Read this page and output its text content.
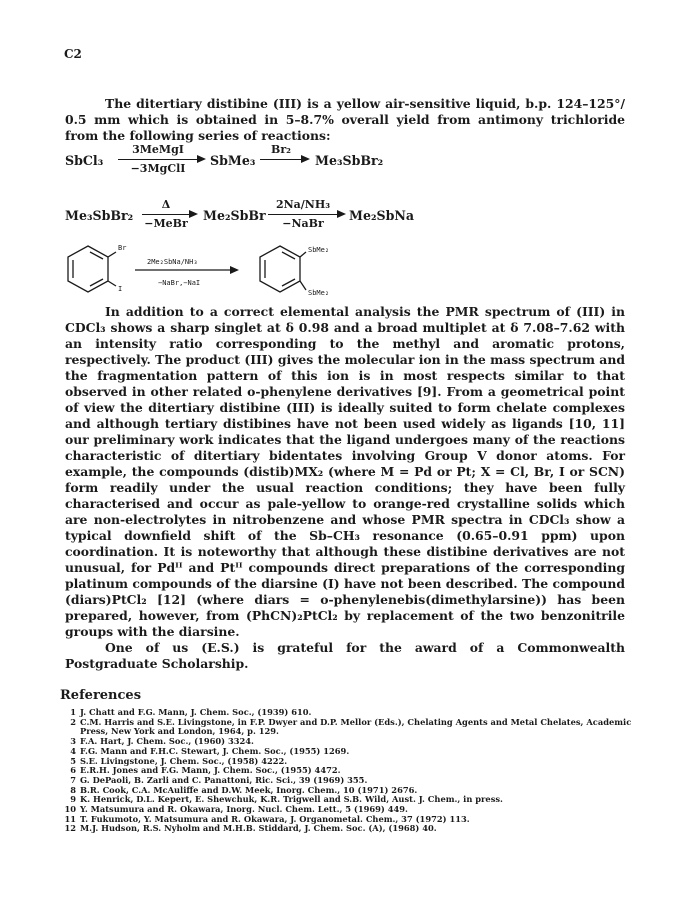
C2

The ditertiary distibine (III) is a yellow air-sensitive liquid, b.p. 124–125°/ 0.5 mm which is obtained in 5–8.7% overall yield from antimony trichloride from the following series of reactions:

SbCl₃
3MeMgI
−3MgClI
SbMe₃
Br₂
Me₃SbBr₂
Me₃SbBr₂
Δ
−MeBr
Me₂SbBr
2Na/NH₃
−NaBr
Me₂SbNa
Br
I
2Me₂SbNa/NH₃
−NaBr,−NaI
SbMe₂
SbMe₂

In addition to a correct elemental analysis the PMR spectrum of (III) in CDCl₃ shows a sharp singlet at δ 0.98 and a broad multiplet at δ 7.08–7.62 with an intensity ratio corresponding to the methyl and aromatic protons, respectively. The product (III) gives the molecular ion in the mass spectrum and the fragmentation pattern of this ion is in most respects similar to that observed in other related o-phenylene derivatives [9]. From a geometrical point of view the ditertiary distibine (III) is ideally suited to form chelate complexes and although tertiary distibines have not been used widely as ligands [10, 11] our preliminary work indicates that the ligand undergoes many of the reactions characteristic of ditertiary bidentates involving Group V donor atoms. For example, the compounds (distib)MX₂ (where M = Pd or Pt; X = Cl, Br, I or SCN) form readily under the usual reaction conditions; they have been fully characterised and occur as pale-yellow to orange-red crystalline solids which are non-electrolytes in nitrobenzene and whose PMR spectra in CDCl₃ show a typical downfield shift of the Sb–CH₃ resonance (0.65–0.91 ppm) upon coordination. It is noteworthy that although these distibine derivatives are not unusual, for Pdᴵᴵ and Ptᴵᴵ compounds direct preparations of the corresponding platinum compounds of the diarsine (I) have not been described. The compound (diars)PtCl₂ [12] (where diars = o-phenylenebis(dimethylarsine)) has been prepared, however, from (PhCN)₂PtCl₂ by replacement of the two benzonitrile groups with the diarsine.

One of us (E.S.) is grateful for the award of a Commonwealth Postgraduate Scholarship.

References
1 J. Chatt and F.G. Mann, J. Chem. Soc., (1939) 610.
2 C.M. Harris and S.E. Livingstone, in F.P. Dwyer and D.P. Mellor (Eds.), Chelating Agents and Metal Chelates, Academic Press, New York and London, 1964, p. 129.
3 F.A. Hart, J. Chem. Soc., (1960) 3324.
4 F.G. Mann and F.H.C. Stewart, J. Chem. Soc., (1955) 1269.
5 S.E. Livingstone, J. Chem. Soc., (1958) 4222.
6 E.R.H. Jones and F.G. Mann, J. Chem. Soc., (1955) 4472.
7 G. DePaoli, B. Zarli and C. Panattoni, Ric. Sci., 39 (1969) 355.
8 B.R. Cook, C.A. McAuliffe and D.W. Meek, Inorg. Chem., 10 (1971) 2676.
9 K. Henrick, D.L. Kepert, E. Shewchuk, K.R. Trigwell and S.B. Wild, Aust. J. Chem., in press.
10 Y. Matsumura and R. Okawara, Inorg. Nucl. Chem. Lett., 5 (1969) 449.
11 T. Fukumoto, Y. Matsumura and R. Okawara, J. Organometal. Chem., 37 (1972) 113.
12 M.J. Hudson, R.S. Nyholm and M.H.B. Stiddard, J. Chem. Soc. (A), (1968) 40.
